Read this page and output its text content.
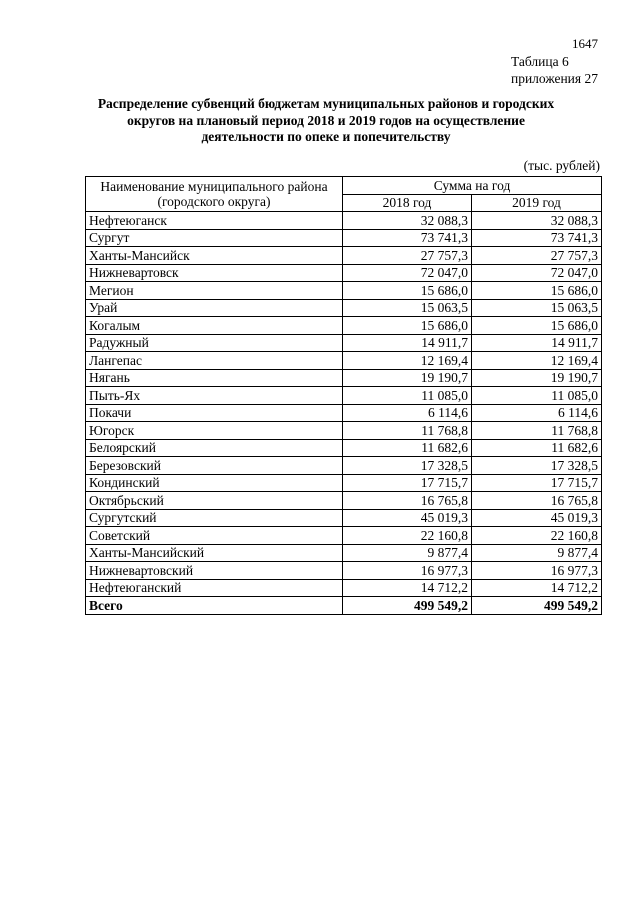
1647
Таблица 6
приложения 27
Распределение субвенций бюджетам муниципальных районов и городских
округов на плановый период 2018 и 2019 годов на осуществление
деятельности по опеке и попечительству
(тыс. рублей)
Наименование муниципального района
(городского округа)	Сумма на год	
	2018 год	2019 год
Нефтеюганск	32 088,3	32 088,3
Сургут	73 741,3	73 741,3
Ханты-Мансийск	27 757,3	27 757,3
Нижневартовск	72 047,0	72 047,0
Мегион	15 686,0	15 686,0
Урай	15 063,5	15 063,5
Когалым	15 686,0	15 686,0
Радужный	14 911,7	14 911,7
Лангепас	12 169,4	12 169,4
Нягань	19 190,7	19 190,7
Пыть-Ях	11 085,0	11 085,0
Покачи	6 114,6	6 114,6
Югорск	11 768,8	11 768,8
Белоярский	11 682,6	11 682,6
Березовский	17 328,5	17 328,5
Кондинский	17 715,7	17 715,7
Октябрьский	16 765,8	16 765,8
Сургутский	45 019,3	45 019,3
Советский	22 160,8	22 160,8
Ханты-Мансийский	9 877,4	9 877,4
Нижневартовский	16 977,3	16 977,3
Нефтеюганский	14 712,2	14 712,2
Всего	499 549,2	499 549,2
